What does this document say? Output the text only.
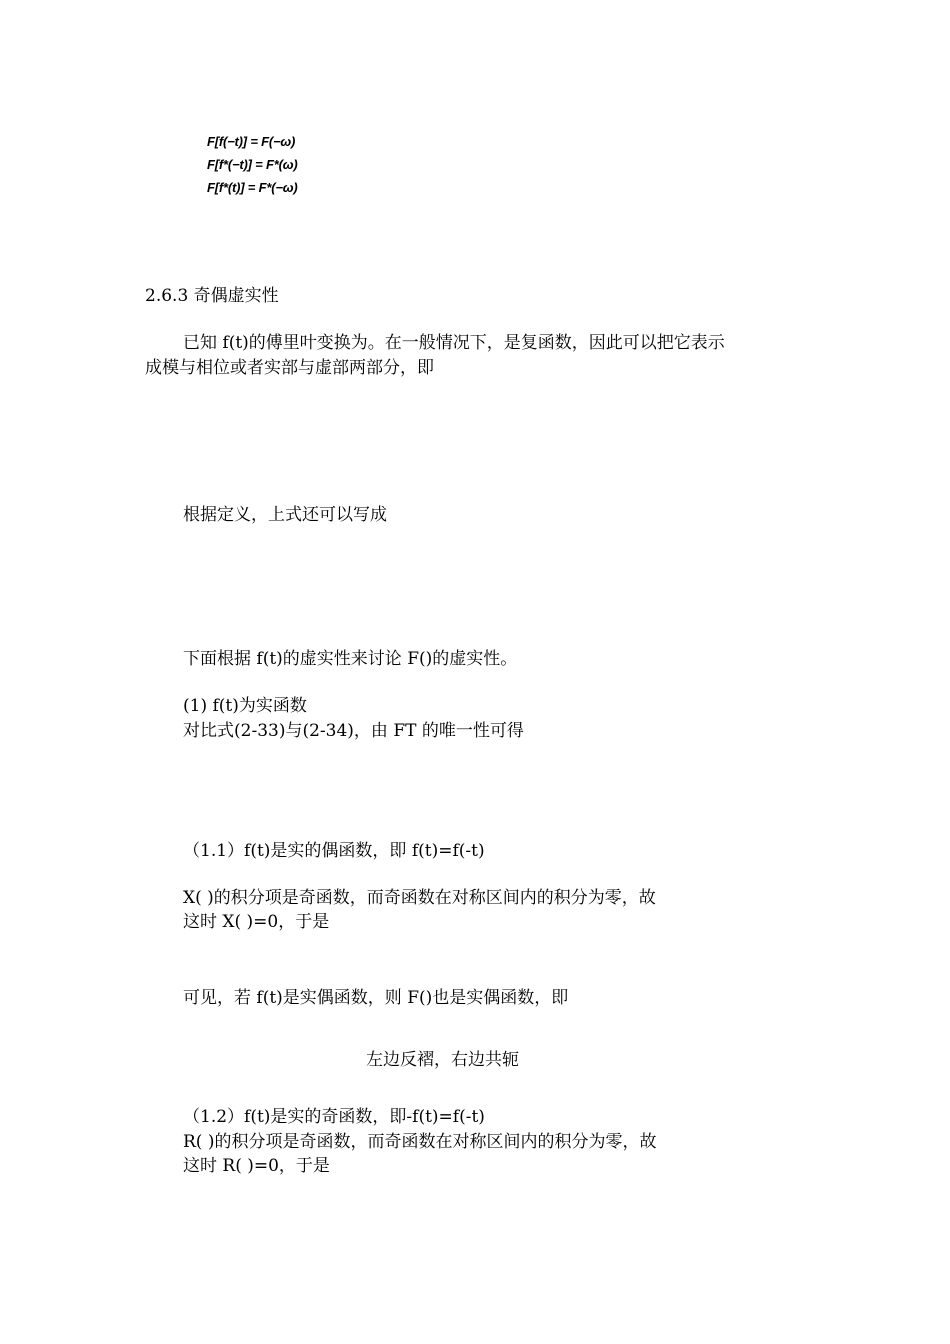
F[f(−t)] = F(−ω)
F[f*(−t)] = F*(ω)
F[f*(t)] = F*(−ω)
2.6.3 奇偶虚实性
已知 f(t)的傅里叶变换为。在一般情况下，是复函数，因此可以把它表示
成模与相位或者实部与虚部两部分，即
根据定义，上式还可以写成
下面根据 f(t)的虚实性来讨论 F()的虚实性。
(1) f(t)为实函数
对比式(2-33)与(2-34)，由 FT 的唯一性可得
（1.1）f(t)是实的偶函数，即 f(t)=f(-t)
X( )的积分项是奇函数，而奇函数在对称区间内的积分为零，故
这时 X( )=0，于是
可见，若 f(t)是实偶函数，则 F()也是实偶函数，即
左边反褶，右边共轭
（1.2）f(t)是实的奇函数，即-f(t)=f(-t)
R( )的积分项是奇函数，而奇函数在对称区间内的积分为零，故
这时 R( )=0，于是
